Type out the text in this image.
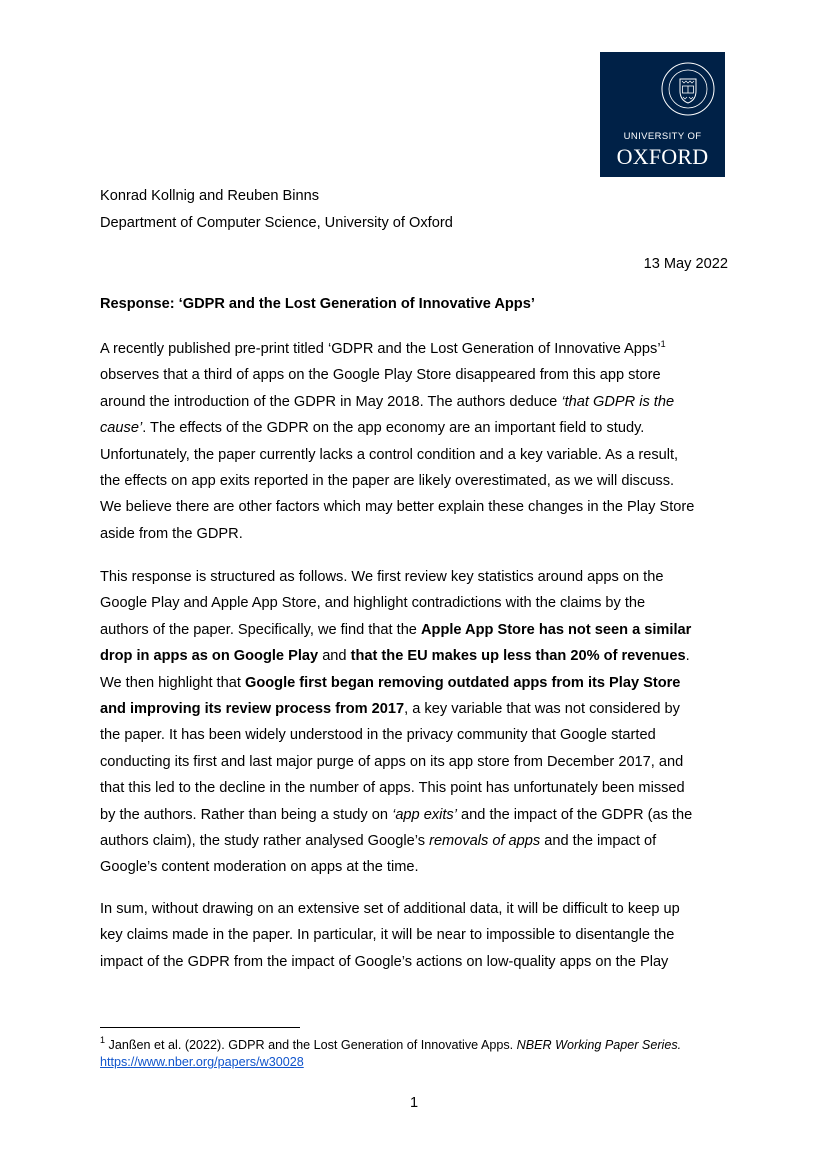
UNIVERSITY OF
OXFORD
Konrad Kollnig and Reuben Binns
Department of Computer Science, University of Oxford
13 May 2022
Response: ‘GDPR and the Lost Generation of Innovative Apps’
A recently published pre-print titled ‘GDPR and the Lost Generation of Innovative Apps’$^1$
observes that a third of apps on the Google Play Store disappeared from this app store
around the introduction of the GDPR in May 2018. The authors deduce ‘that GDPR is the
cause’. The effects of the GDPR on the app economy are an important field to study.
Unfortunately, the paper currently lacks a control condition and a key variable. As a result,
the effects on app exits reported in the paper are likely overestimated, as we will discuss.
We believe there are other factors which may better explain these changes in the Play Store
aside from the GDPR.
This response is structured as follows. We first review key statistics around apps on the
Google Play and Apple App Store, and highlight contradictions with the claims by the
authors of the paper. Specifically, we find that the Apple App Store has not seen a similar
drop in apps as on Google Play and that the EU makes up less than 20% of revenues.
We then highlight that Google first began removing outdated apps from its Play Store
and improving its review process from 2017, a key variable that was not considered by
the paper. It has been widely understood in the privacy community that Google started
conducting its first and last major purge of apps on its app store from December 2017, and
that this led to the decline in the number of apps. This point has unfortunately been missed
by the authors. Rather than being a study on ‘app exits’ and the impact of the GDPR (as the
authors claim), the study rather analysed Google’s removals of apps and the impact of
Google’s content moderation on apps at the time.
In sum, without drawing on an extensive set of additional data, it will be difficult to keep up
key claims made in the paper. In particular, it will be near to impossible to disentangle the
impact of the GDPR from the impact of Google’s actions on low-quality apps on the Play
$^1$ Janßen et al. (2022). GDPR and the Lost Generation of Innovative Apps. NBER Working Paper Series. https://www.nber.org/papers/w30028
1
